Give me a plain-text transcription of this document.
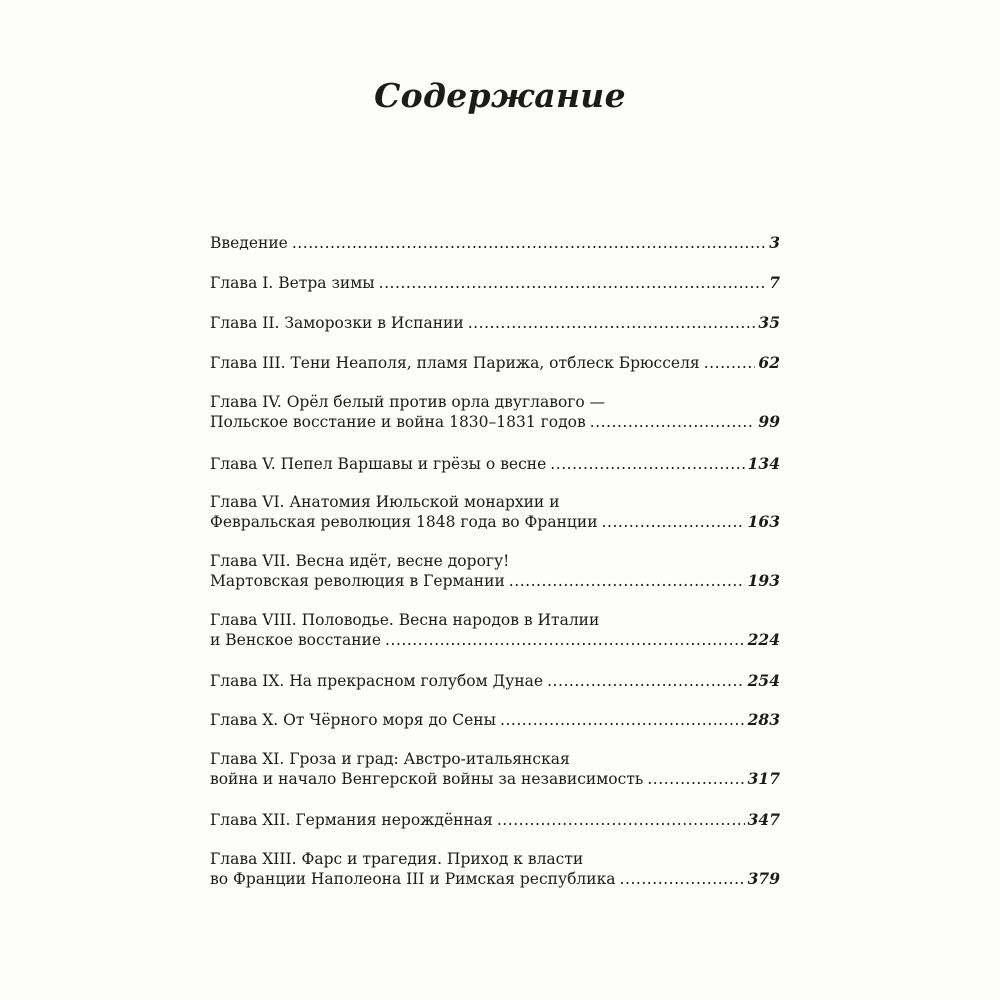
Содержание
Введение . . .	3
Глава I. Ветра зимы . . .	7
Глава II. Заморозки в Испании . . .	35
Глава III. Тени Неаполя, пламя Парижа, отблеск Брюсселя . . .	62
Глава IV. Орёл белый против орла двуглавого —
Польское восстание и война 1830–1831 годов . . .	99
Глава V. Пепел Варшавы и грёзы о весне . . .	134
Глава VI. Анатомия Июльской монархии и
Февральская революция 1848 года во Франции . . .	163
Глава VII. Весна идёт, весне дорогу!
Мартовская революция в Германии . . .	193
Глава VIII. Половодье. Весна народов в Италии
и Венское восстание . . .	224
Глава IX. На прекрасном голубом Дунае . . .	254
Глава X. От Чёрного моря до Сены . . .	283
Глава XI. Гроза и град: Австро-итальянская
война и начало Венгерской войны за независимость . . .	317
Глава XII. Германия нерождённая . . .	347
Глава XIII. Фарс и трагедия. Приход к власти
во Франции Наполеона III и Римская республика . . .	379
